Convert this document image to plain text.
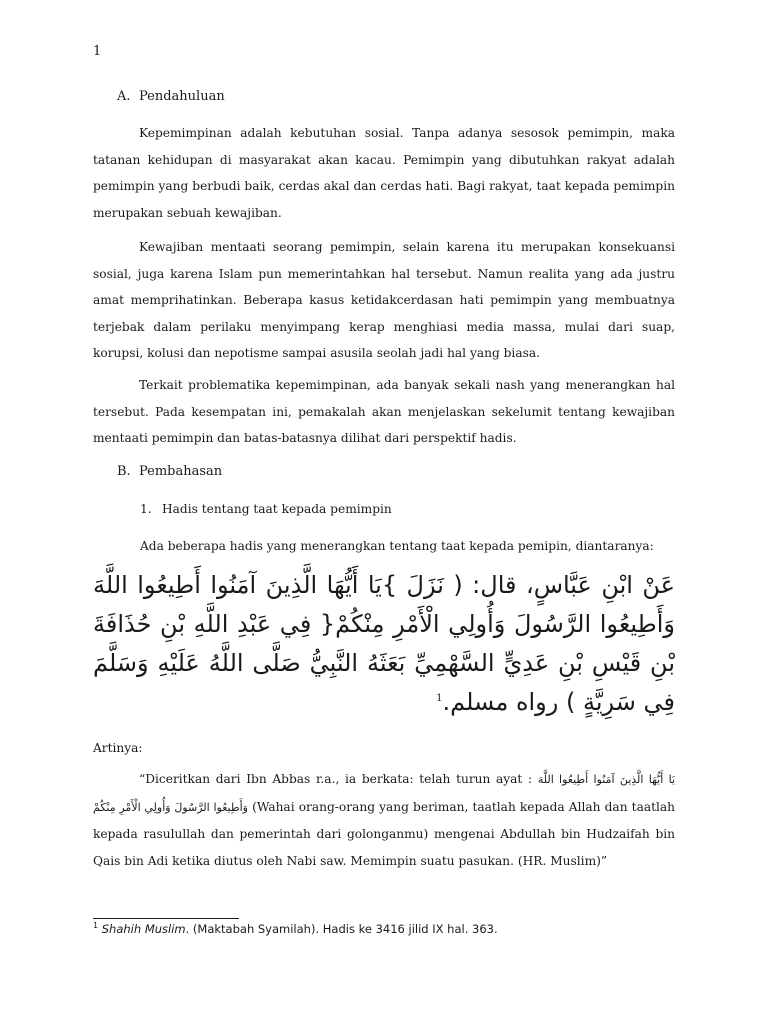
1
A. Pendahuluan

Kepemimpinan adalah kebutuhan sosial. Tanpa adanya sesosok pemimpin, maka tatanan kehidupan di masyarakat akan kacau. Pemimpin yang dibutuhkan rakyat adalah pemimpin yang berbudi baik, cerdas akal dan cerdas hati. Bagi rakyat, taat kepada pemimpin merupakan sebuah kewajiban.

Kewajiban mentaati seorang pemimpin, selain karena itu merupakan konsekuansi sosial, juga karena Islam pun memerintahkan hal tersebut. Namun realita yang ada justru amat memprihatinkan. Beberapa kasus ketidakcerdasan hati pemimpin yang membuatnya terjebak dalam perilaku menyimpang kerap menghiasi media massa, mulai dari suap, korupsi, kolusi dan nepotisme sampai asusila seolah jadi hal yang biasa.

Terkait problematika kepemimpinan, ada banyak sekali nash yang menerangkan hal tersebut. Pada kesempatan ini, pemakalah akan menjelaskan sekelumit tentang kewajiban mentaati pemimpin dan batas-batasnya dilihat dari perspektif hadis.

B. Pembahasan
1. Hadis tentang taat kepada pemimpin
Ada beberapa hadis yang menerangkan tentang taat kepada pemipin, diantaranya:
عَنْ ابْنِ عَبَّاسٍ، قال: ( نَزَلَ }يَا أَيُّهَا الَّذِينَ آمَنُوا أَطِيعُوا اللَّهَ وَأَطِيعُوا الرَّسُولَ وَأُولِي الْأَمْرِ مِنْكُمْ{ فِي عَبْدِ اللَّهِ بْنِ حُذَافَةَ بْنِ قَيْسِ بْنِ عَدِيٍّ السَّهْمِيِّ بَعَثَهُ النَّبِيُّ صَلَّى اللَّهُ عَلَيْهِ وَسَلَّمَ فِي سَرِيَّةٍ ) رواه مسلم.$^1$
Artinya:

“Diceritkan dari Ibn Abbas r.a., ia berkata: telah turun ayat : يَا أَيُّهَا الَّذِينَ آمَنُوا أَطِيعُوا اللَّهَ وَأَطِيعُوا الرَّسُولَ وَأُولِي الْأَمْرِ مِنْكُمْ (Wahai orang-orang yang beriman, taatlah kepada Allah dan taatlah kepada rasulullah dan pemerintah dari golonganmu) mengenai Abdullah bin Hudzaifah bin Qais bin Adi ketika diutus oleh Nabi saw. Memimpin suatu pasukan. (HR. Muslim)”

$^1$ Shahih Muslim. (Maktabah Syamilah). Hadis ke 3416 jilid IX hal. 363.
